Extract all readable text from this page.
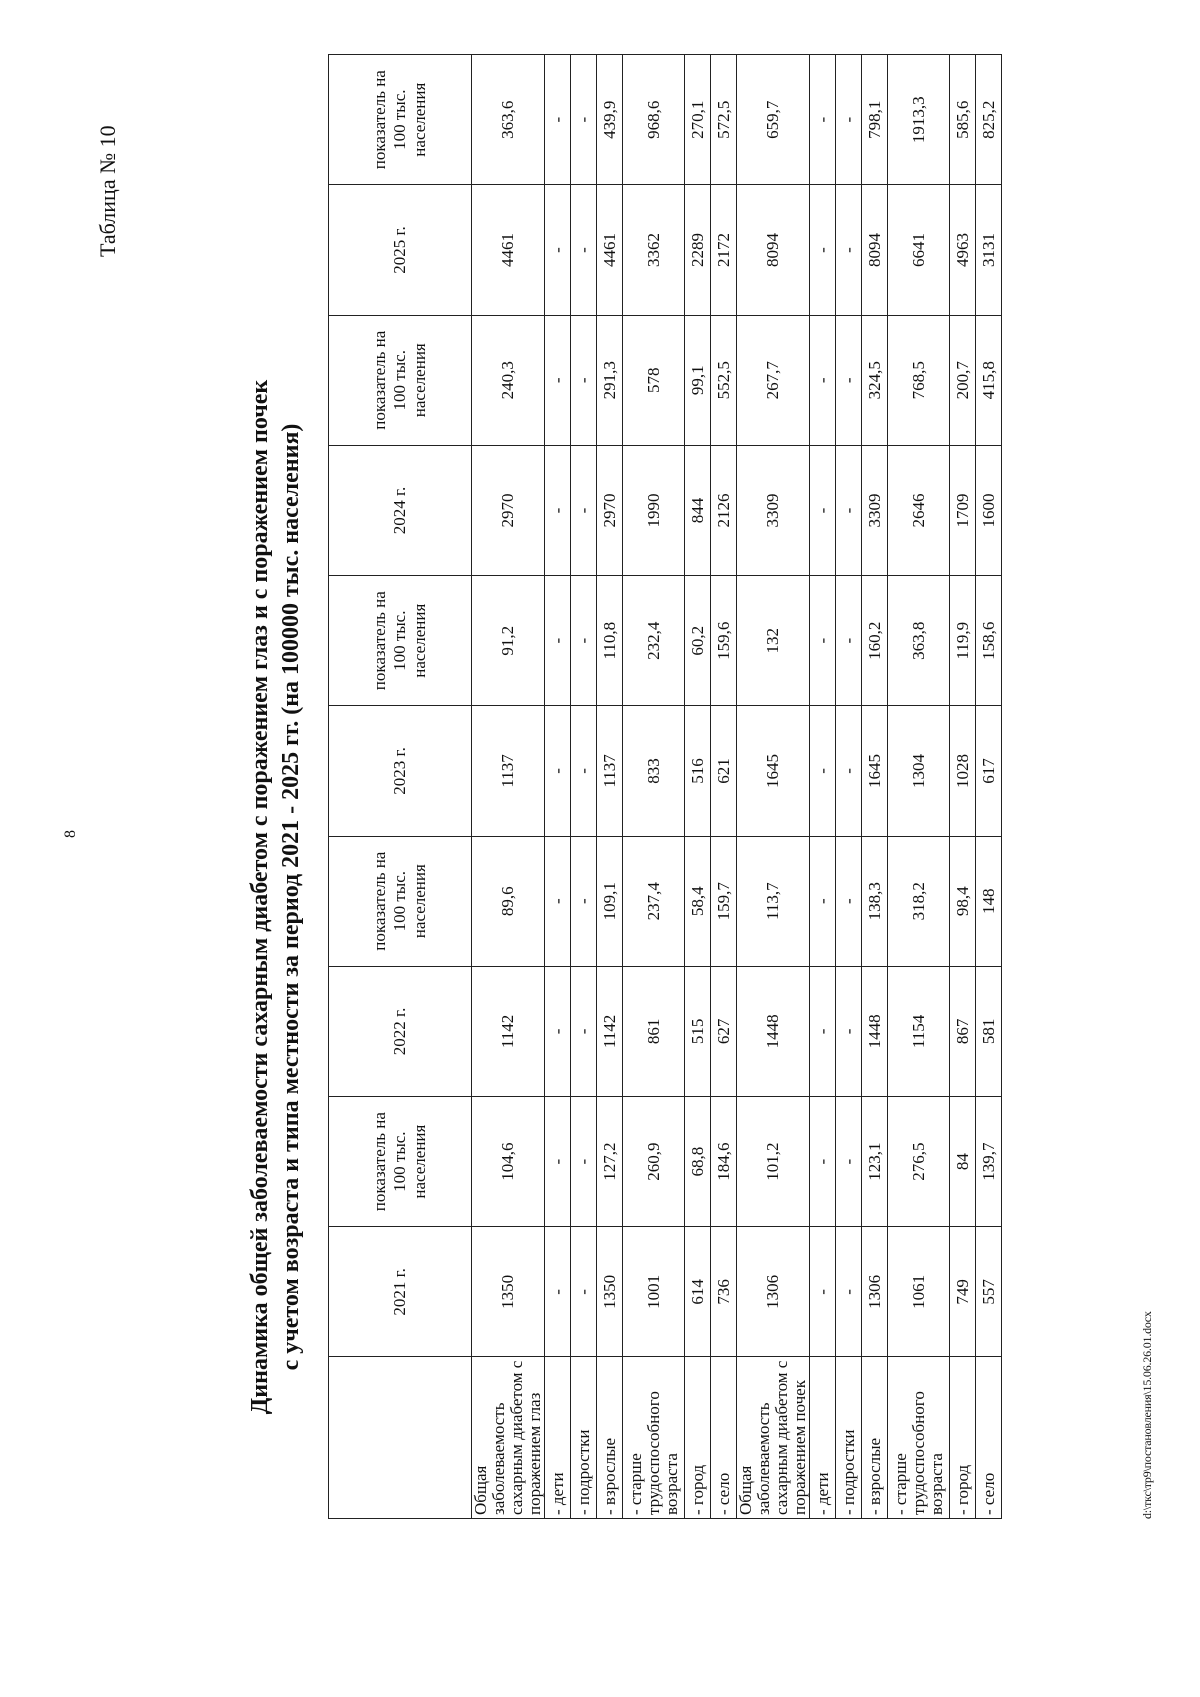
8
Таблица № 10
Динамика общей заболеваемости сахарным диабетом с поражением глаз и с поражением почек с учетом возраста и типа местности за период 2021 - 2025 гг. (на 100000 тыс. населения)
		2021 г.	показатель на 100 тыс. населения	2022 г.	показатель на 100 тыс. населения	2023 г.	показатель на 100 тыс. населения	2024 г.	показатель на 100 тыс. населения	2025 г.	показатель на 100 тыс. населения
Общая заболеваемость сахарным диабетом с поражением глаз	1350	104,6	1142	89,6	1137	91,2	2970	240,3	4461	363,6
- дети	-	-	-	-	-	-	-	-	-	-
- подростки	-	-	-	-	-	-	-	-	-	-
- взрослые	1350	127,2	1142	109,1	1137	110,8	2970	291,3	4461	439,9
- старше трудоспособного возраста	1001	260,9	861	237,4	833	232,4	1990	578	3362	968,6
- город	614	68,8	515	58,4	516	60,2	844	99,1	2289	270,1
- село	736	184,6	627	159,7	621	159,6	2126	552,5	2172	572,5
Общая заболеваемость сахарным диабетом с поражением почек	1306	101,2	1448	113,7	1645	132	3309	267,7	8094	659,7
- дети	-	-	-	-	-	-	-	-	-	-
- подростки	-	-	-	-	-	-	-	-	-	-
- взрослые	1306	123,1	1448	138,3	1645	160,2	3309	324,5	8094	798,1
- старше трудоспособного возраста	1061	276,5	1154	318,2	1304	363,8	2646	768,5	6641	1913,3
- город	749	84	867	98,4	1028	119,9	1709	200,7	4963	585,6
- село	557	139,7	581	148	617	158,6	1600	415,8	3131	825,2
d:\ткс\тр9\постановления\15.06.26.01.docx
